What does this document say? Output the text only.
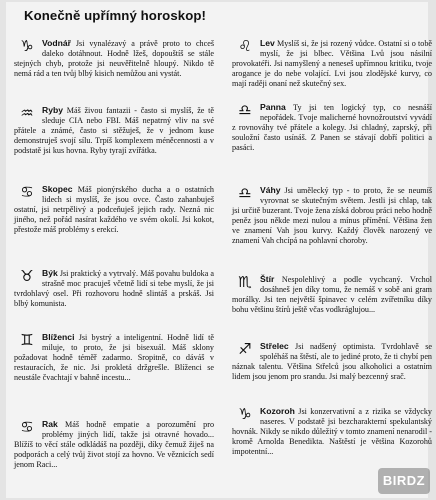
Konečně upřímný horoskop!
♑ Vodnář Jsi vynalézavý a právě proto to chceš daleko dotáhnout. Hodně lžeš, dopouštíš se stále stejných chyb, protože jsi neuvěřitelně hloupý. Nikdo tě nemá rád a ten tvůj blbý kisich nemůžou ani vystát.
♒ Ryby Máš živou fantazii - často si myslíš, že tě sleduje CIA nebo FBI. Máš nepatrný vliv na své přátele a známé, často si stěžuješ, že v jednom kuse demonstruješ svojí sílu. Trpíš komplexem méněcennosti a v podstatě jsi kus hovna. Ryby tyrají zvířátka.
♋ Skopec Máš pionýrského ducha a o ostatních lidech si myslíš, že jsou ovce. Často zahanbuješ ostatní, jsi netrpělivý a podceňuješ jejich rady. Nezná nic jiného, než pořád nasírat každého ve svém okolí. Jsi kokot, přestože máš problémy s erekcí.
♉ Býk Jsi praktický a vytrvalý. Máš povahu buldoka a strašně moc pracuješ včetně lidí si tebe myslí, že jsi tvrdohlavý osel. Při rozhovoru hodně slintáš a prskáš. Jsi blbý komunista.
♊ Blíženci Jsi bystrý a inteligentní. Hodně lidí tě miluje, to proto, že jsi bisexuál. Máš sklony požadovat hodně téměř zadarmo. Sropitně, co dáváš v restauracích, že nic. Jsi prokletá držgrešle. Blíženci se neustále čvachtají v bahně incestu...
♋ Rak Máš hodně empatie a porozumění pro problémy jiných lidí, takže jsi otravné hovado... Blížíš to věcí stále odkládáš na později, díky čemuž žiješ na podporách a celý tvůj život stojí za hovno. Ve věznicích sedí jenom Raci...
♌ Lev Myslíš si, že jsi rozený vůdce. Ostatní si o tobě myslí, že jsi blbec. Většina Lvů jsou násilní provokatéři. Jsi namyšlený a neneseš upřímnou kritiku, tvoje arogance je do nebe volající. Lvi jsou zlodějské kurvy, co mají raději onaní než skutečný sex.
♎ Panna Ty jsi ten logický typ, co nesnáší nepořádek. Tvoje malicherné hovnožroutství vyvádí z rovnováhy tvé přátele a kolegy. Jsi chladný, zaprský, při souložní často usínáš. Z Panen se stávají dobří politici a pasáci.
♎ Váhy Jsi umělecký typ - to proto, že se neumíš vyrovnat se skutečným světem. Jestli jsi chlap, tak jsi určitě buzerant. Tvoje žena získá dobrou práci nebo hodně peněz jsou někde mezi nulou a mínus přímění. Většina žen ve znamení Vah jsou kurvy. Každý člověk narozený ve znamení Vah chcípá na pohlavní choroby.
♏ Štír Nespolehlivý a podle vychcaný. Vrchol dosáhneš jen díky tomu, že nemáš v sobě ani gram morálky. Jsi ten největší špinavec v celém zvířetníku díky bohu většinu štírů ještě včas vodkráglujou...
♐ Střelec Jsi nadšený optimista. Tvrdohlavě se spoléháš na štěstí, ale to jediné proto, že ti chybí pen náznak talentu. Většina Střelců jsou alkoholici a ostatním lidem jsou jenom pro srandu. Jsi malý bezcenný srač.
♑ Kozoroh Jsi konzervativní a z rizika se vždycky naseres. V podstatě jsi bezcharakterní spekulantský hovnák. Nikdy se nikdo důležitý v tomto znamení nenarodil - kromě Arnolda Benedikta. Naštěstí je většina Kozorohů impotentní...
BIRDZ
